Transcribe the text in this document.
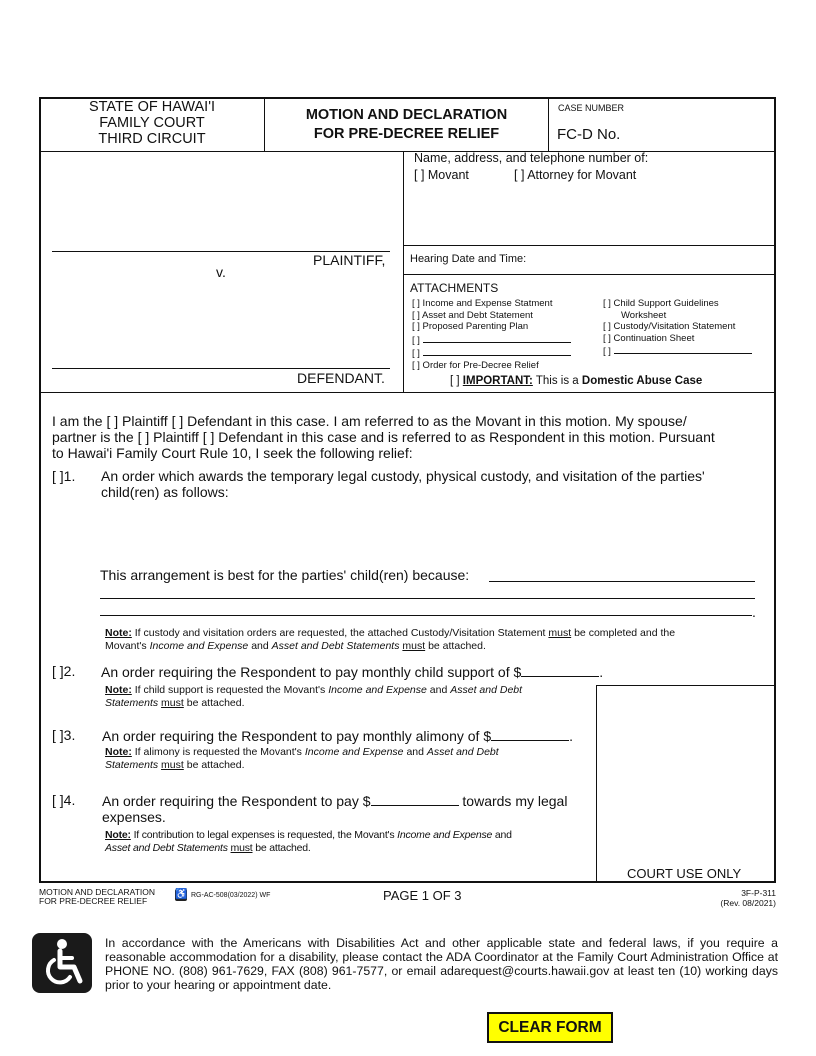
STATE OF HAWAI'I
FAMILY COURT
THIRD CIRCUIT
MOTION AND DECLARATION
FOR PRE-DECREE RELIEF
CASE NUMBER
FC-D No.
PLAINTIFF,
v.
DEFENDANT.
Name, address, and telephone number of:
[ ] Movant	[ ] Attorney for Movant
Hearing Date and Time:
ATTACHMENTS
[ ] Income and Expense Statment
[ ] Asset and Debt Statement
[ ] Proposed Parenting Plan
[ ]
[ ]
[ ] Order for Pre-Decree Relief
[ ] Child Support Guidelines
Worksheet
[ ] Custody/Visitation Statement
[ ] Continuation Sheet
[ ]
[ ] IMPORTANT: This is a Domestic Abuse Case
I am the [ ] Plaintiff [ ] Defendant in this case. I am referred to as the Movant in this motion. My spouse/
partner is the [ ] Plaintiff [ ] Defendant in this case and is referred to as Respondent in this motion. Pursuant
to Hawai'i Family Court Rule 10, I seek the following relief:
[ ]1. An order which awards the temporary legal custody, physical custody, and visitation of the parties'
child(ren) as follows:
This arrangement is best for the parties' child(ren) because:
.
Note: If custody and visitation orders are requested, the attached Custody/Visitation Statement must be completed and the
Movant's Income and Expense and Asset and Debt Statements must be attached.
[ ]2. An order requiring the Respondent to pay monthly child support of $	.
Note: If child support is requested the Movant's Income and Expense and Asset and Debt
Statements must be attached.
[ ]3. An order requiring the Respondent to pay monthly alimony of $	.
Note: If alimony is requested the Movant's Income and Expense and Asset and Debt
Statements must be attached.
[ ]4. An order requiring the Respondent to pay $	towards my legal
expenses.
Note: If contribution to legal expenses is requested, the Movant's Income and Expense and
Asset and Debt Statements must be attached.
COURT USE ONLY
MOTION AND DECLARATION
FOR PRE-DECREE RELIEF
♿ RG-AC-508(03/2022) WF	PAGE 1 OF 3	3F-P-311
(Rev. 08/2021)
In accordance with the Americans with Disabilities Act and other applicable state and federal laws, if you require a reasonable accommodation for a disability, please contact the ADA Coordinator at the Family Court Administration Office at PHONE NO. (808) 961-7629, FAX (808) 961-7577, or email adarequest@courts.hawaii.gov at least ten (10) working days prior to your hearing or appointment date.
CLEAR FORM
